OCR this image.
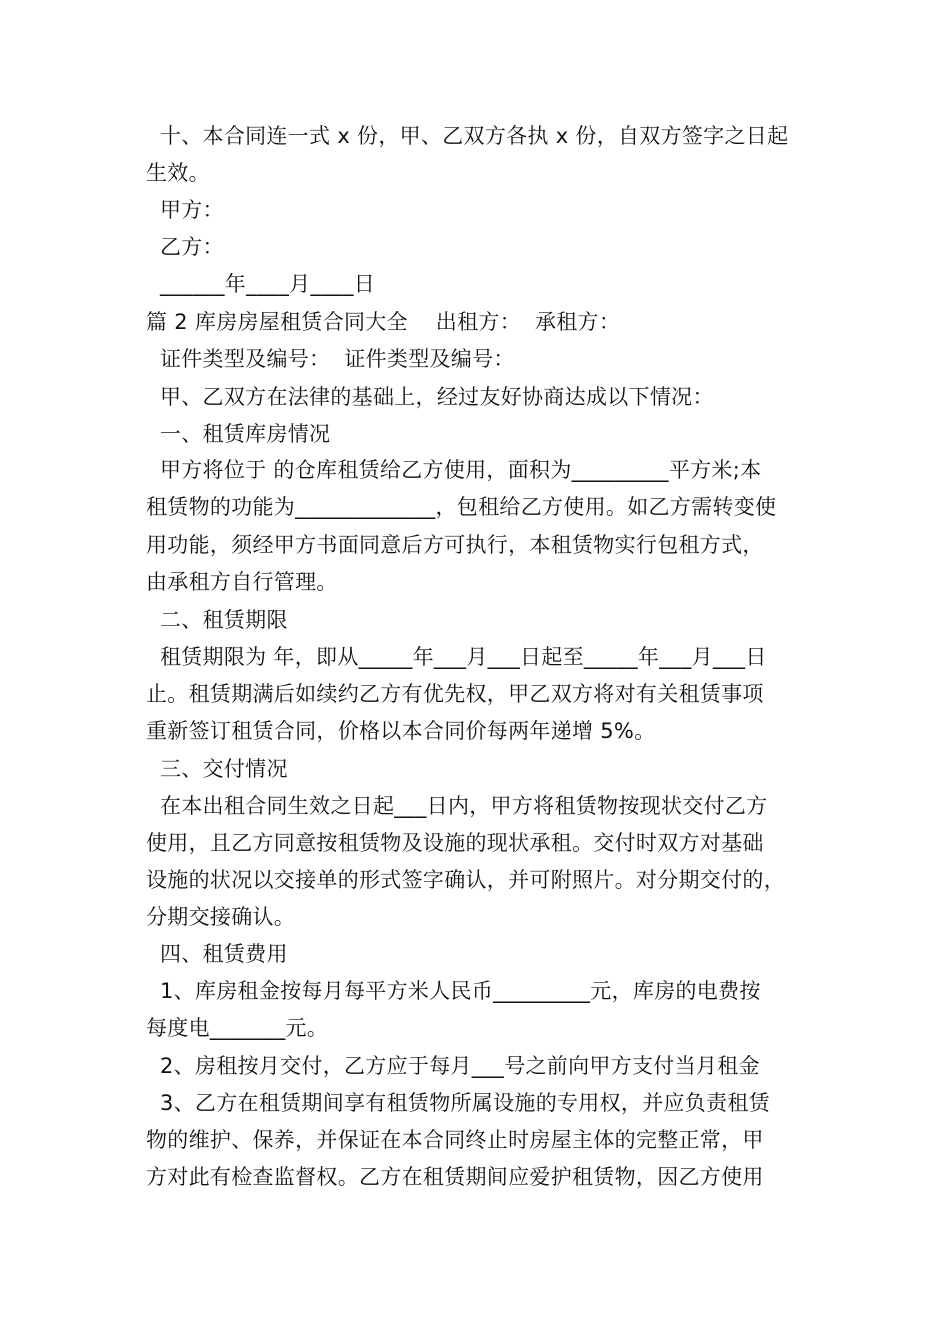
十、本合同连一式 x 份，甲、乙双方各执 x 份，自双方签字之日起
生效。
甲方：
乙方：
______年____月____日
篇 2 库房房屋租赁合同大全    出租方：  承租方：
证件类型及编号：  证件类型及编号：
甲、乙双方在法律的基础上，经过友好协商达成以下情况：
一、租赁库房情况
甲方将位于 的仓库租赁给乙方使用，面积为_________平方米;本
租赁物的功能为_____________，包租给乙方使用。如乙方需转变使
用功能，须经甲方书面同意后方可执行，本租赁物实行包租方式，
由承租方自行管理。
二、租赁期限
租赁期限为 年，即从_____年___月___日起至_____年___月___日
止。租赁期满后如续约乙方有优先权，甲乙双方将对有关租赁事项
重新签订租赁合同，价格以本合同价每两年递增 5%。
三、交付情况
在本出租合同生效之日起___日内，甲方将租赁物按现状交付乙方
使用，且乙方同意按租赁物及设施的现状承租。交付时双方对基础
设施的状况以交接单的形式签字确认，并可附照片。对分期交付的，
分期交接确认。
四、租赁费用
1、库房租金按每月每平方米人民币_________元，库房的电费按
每度电_______元。
2、房租按月交付，乙方应于每月___号之前向甲方支付当月租金
3、乙方在租赁期间享有租赁物所属设施的专用权，并应负责租赁
物的维护、保养，并保证在本合同终止时房屋主体的完整正常，甲
方对此有检查监督权。乙方在租赁期间应爱护租赁物，因乙方使用
